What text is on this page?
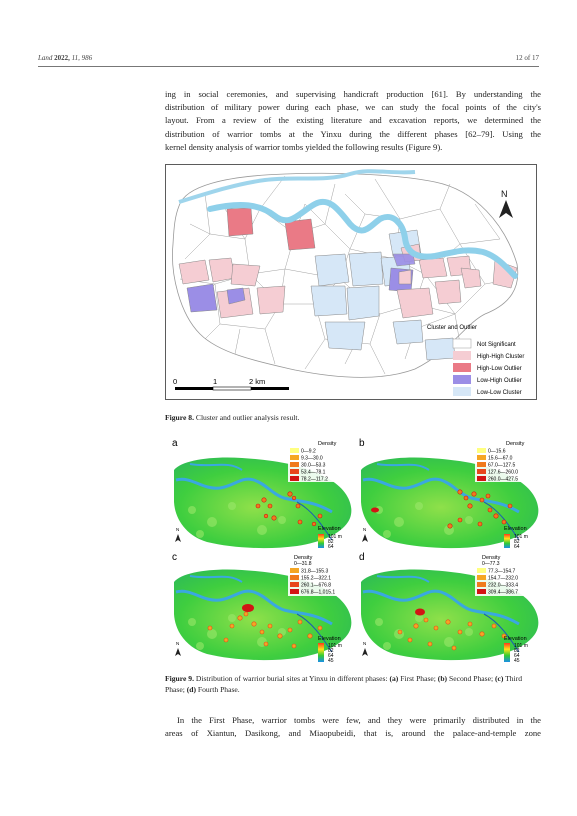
Land 2022, 11, 986	12 of 17
ing in social ceremonies, and supervising handicraft production [61]. By understanding the
distribution of military power during each phase, we can study the focal points of the city's
layout. From a review of the existing literature and excavation reports, we determined the
distribution of warrior tombs at the Yinxu during the different phases [62–79]. Using the
kernel density analysis of warrior tombs yielded the following results (Figure 9).
N
0	1	2 km
Cluster and Outlier
Not Significant
High-High Cluster
High-Low Outlier
Low-High Outlier
Low-Low Cluster
Figure 8. Cluster and outlier analysis result.
a	Density
0—9.2
9.3—30.0
30.0—53.3
53.4—78.1
78.2—117.2
Elevation
101 m
82
64
N
b	Density
0—15.6
15.6—67.0
67.0—127.5
127.6—260.0
260.0—427.5
Elevation
101 m
82
64
N
c	Density
0—31.8
31.8—155.3
155.2—322.1
260.1—676.8
676.8—1,015.1
Elevation
101 m
82
64
45
N
d	Density
0—77.3
77.3—154.7
154.7—232.0
232.0—333.4
309.4—386.7
Elevation
101 m
82
64
45
N
Figure 9. Distribution of warrior burial sites at Yinxu in different phases: (a) First Phase; (b) Second Phase; (c) Third Phase; (d) Fourth Phase.
In the First Phase, warrior tombs were few, and they were primarily distributed in the
areas of Xiantun, Dasikong, and Miaopubeidi, that is, around the palace-and-temple zone
